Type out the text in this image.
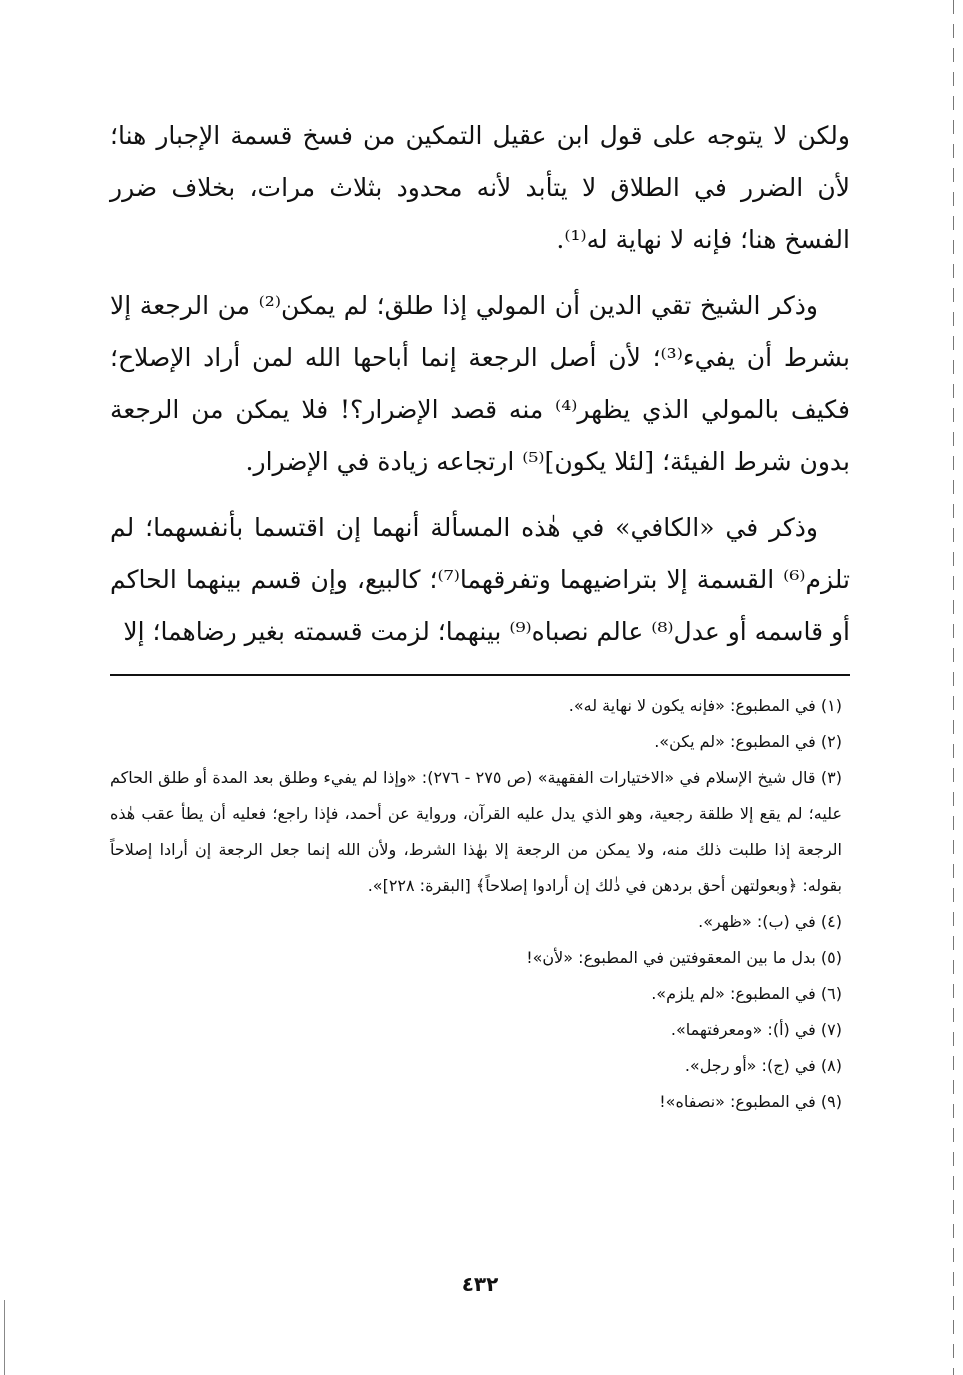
ولكن لا يتوجه على قول ابن عقيل التمكين من فسخ قسمة الإجبار هنا؛ لأن الضرر في الطلاق لا يتأبد لأنه محدود بثلاث مرات، بخلاف ضرر الفسخ هنا؛ فإنه لا نهاية له⁽¹⁾.

وذكر الشيخ تقي الدين أن المولي إذا طلق؛ لم يمكن⁽²⁾ من الرجعة إلا بشرط أن يفيء⁽³⁾؛ لأن أصل الرجعة إنما أباحها الله لمن أراد الإصلاح؛ فكيف بالمولي الذي يظهر⁽⁴⁾ منه قصد الإضرار؟! فلا يمكن من الرجعة بدون شرط الفيئة؛ [لئلا يكون]⁽⁵⁾ ارتجاعه زيادة في الإضرار.

وذكر في «الكافي» في هٰذه المسألة أنهما إن اقتسما بأنفسهما؛ لم تلزم⁽⁶⁾ القسمة إلا بتراضيهما وتفرقهما⁽⁷⁾؛ كالبيع، وإن قسم بينهما الحاكم أو قاسمه أو عدل⁽⁸⁾ عالم نصباه⁽⁹⁾ بينهما؛ لزمت قسمته بغير رضاهما؛ إلا

(١) في المطبوع: «فإنه يكون لا نهاية له».

(٢) في المطبوع: «لم يكن».

(٣) قال شيخ الإسلام في «الاختيارات الفقهية» (ص ٢٧٥ - ٢٧٦): «وإذا لم يفيء وطلق بعد المدة أو طلق الحاكم عليه؛ لم يقع إلا طلقة رجعية، وهو الذي يدل عليه القرآن، ورواية عن أحمد، فإذا راجع؛ فعليه أن يطأ عقب هٰذه الرجعة إذا طلبت ذلك منه، ولا يمكن من الرجعة إلا بهٰذا الشرط، ولأن الله إنما جعل الرجعة إن أرادا إصلاحاً بقوله: ﴿وبعولتهن أحق بردهن في ذٰلك إن أرادوا إصلاحاً﴾ [البقرة: ٢٢٨]».

(٤) في (ب): «ظهر».

(٥) بدل ما بين المعقوفتين في المطبوع: «لأن»!

(٦) في المطبوع: «لم يلزم».

(٧) في (أ): «ومعرفتهما».

(٨) في (ج): «أو رجل».

(٩) في المطبوع: «نصفاه»!

٤٣٢
